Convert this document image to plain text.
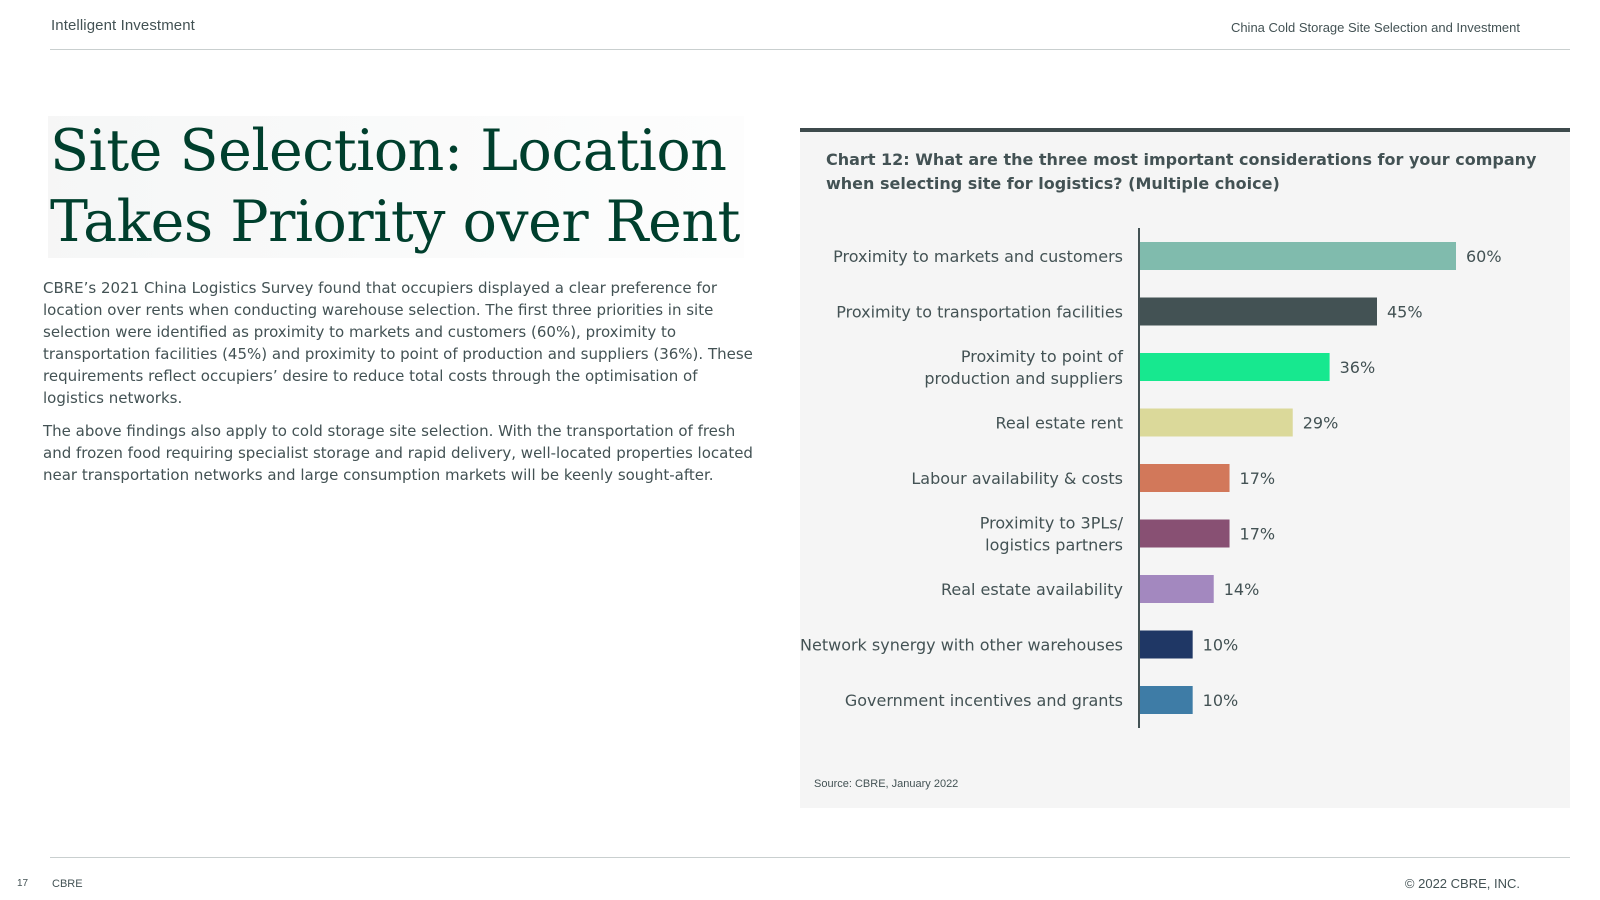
Intelligent Investment	China Cold Storage Site Selection and Investment
Site Selection: Location
Takes Priority over Rent

CBRE’s 2021 China Logistics Survey found that occupiers displayed a clear preference for location over rents when conducting warehouse selection. The first three priorities in site selection were identified as proximity to markets and customers (60%), proximity to transportation facilities (45%) and proximity to point of production and suppliers (36%). These requirements reflect occupiers’ desire to reduce total costs through the optimisation of logistics networks.

The above findings also apply to cold storage site selection. With the transportation of fresh and frozen food requiring specialist storage and rapid delivery, well-located properties located near transportation networks and large consumption markets will be keenly sought-after.

Chart 12: What are the three most important considerations for your company when selecting site for logistics? (Multiple choice)

60%
Proximity to markets and customers
45%
Proximity to transportation facilities
36%
Proximity to point of production and suppliers
29%
Real estate rent
17%
Labour availability & costs
17%
Proximity to 3PLs/ logistics partners
14%
Real estate availability
10%
Network synergy with other warehouses
10%
Government incentives and grants
Source: CBRE, January 2022
17 CBRE	© 2022 CBRE, INC.
